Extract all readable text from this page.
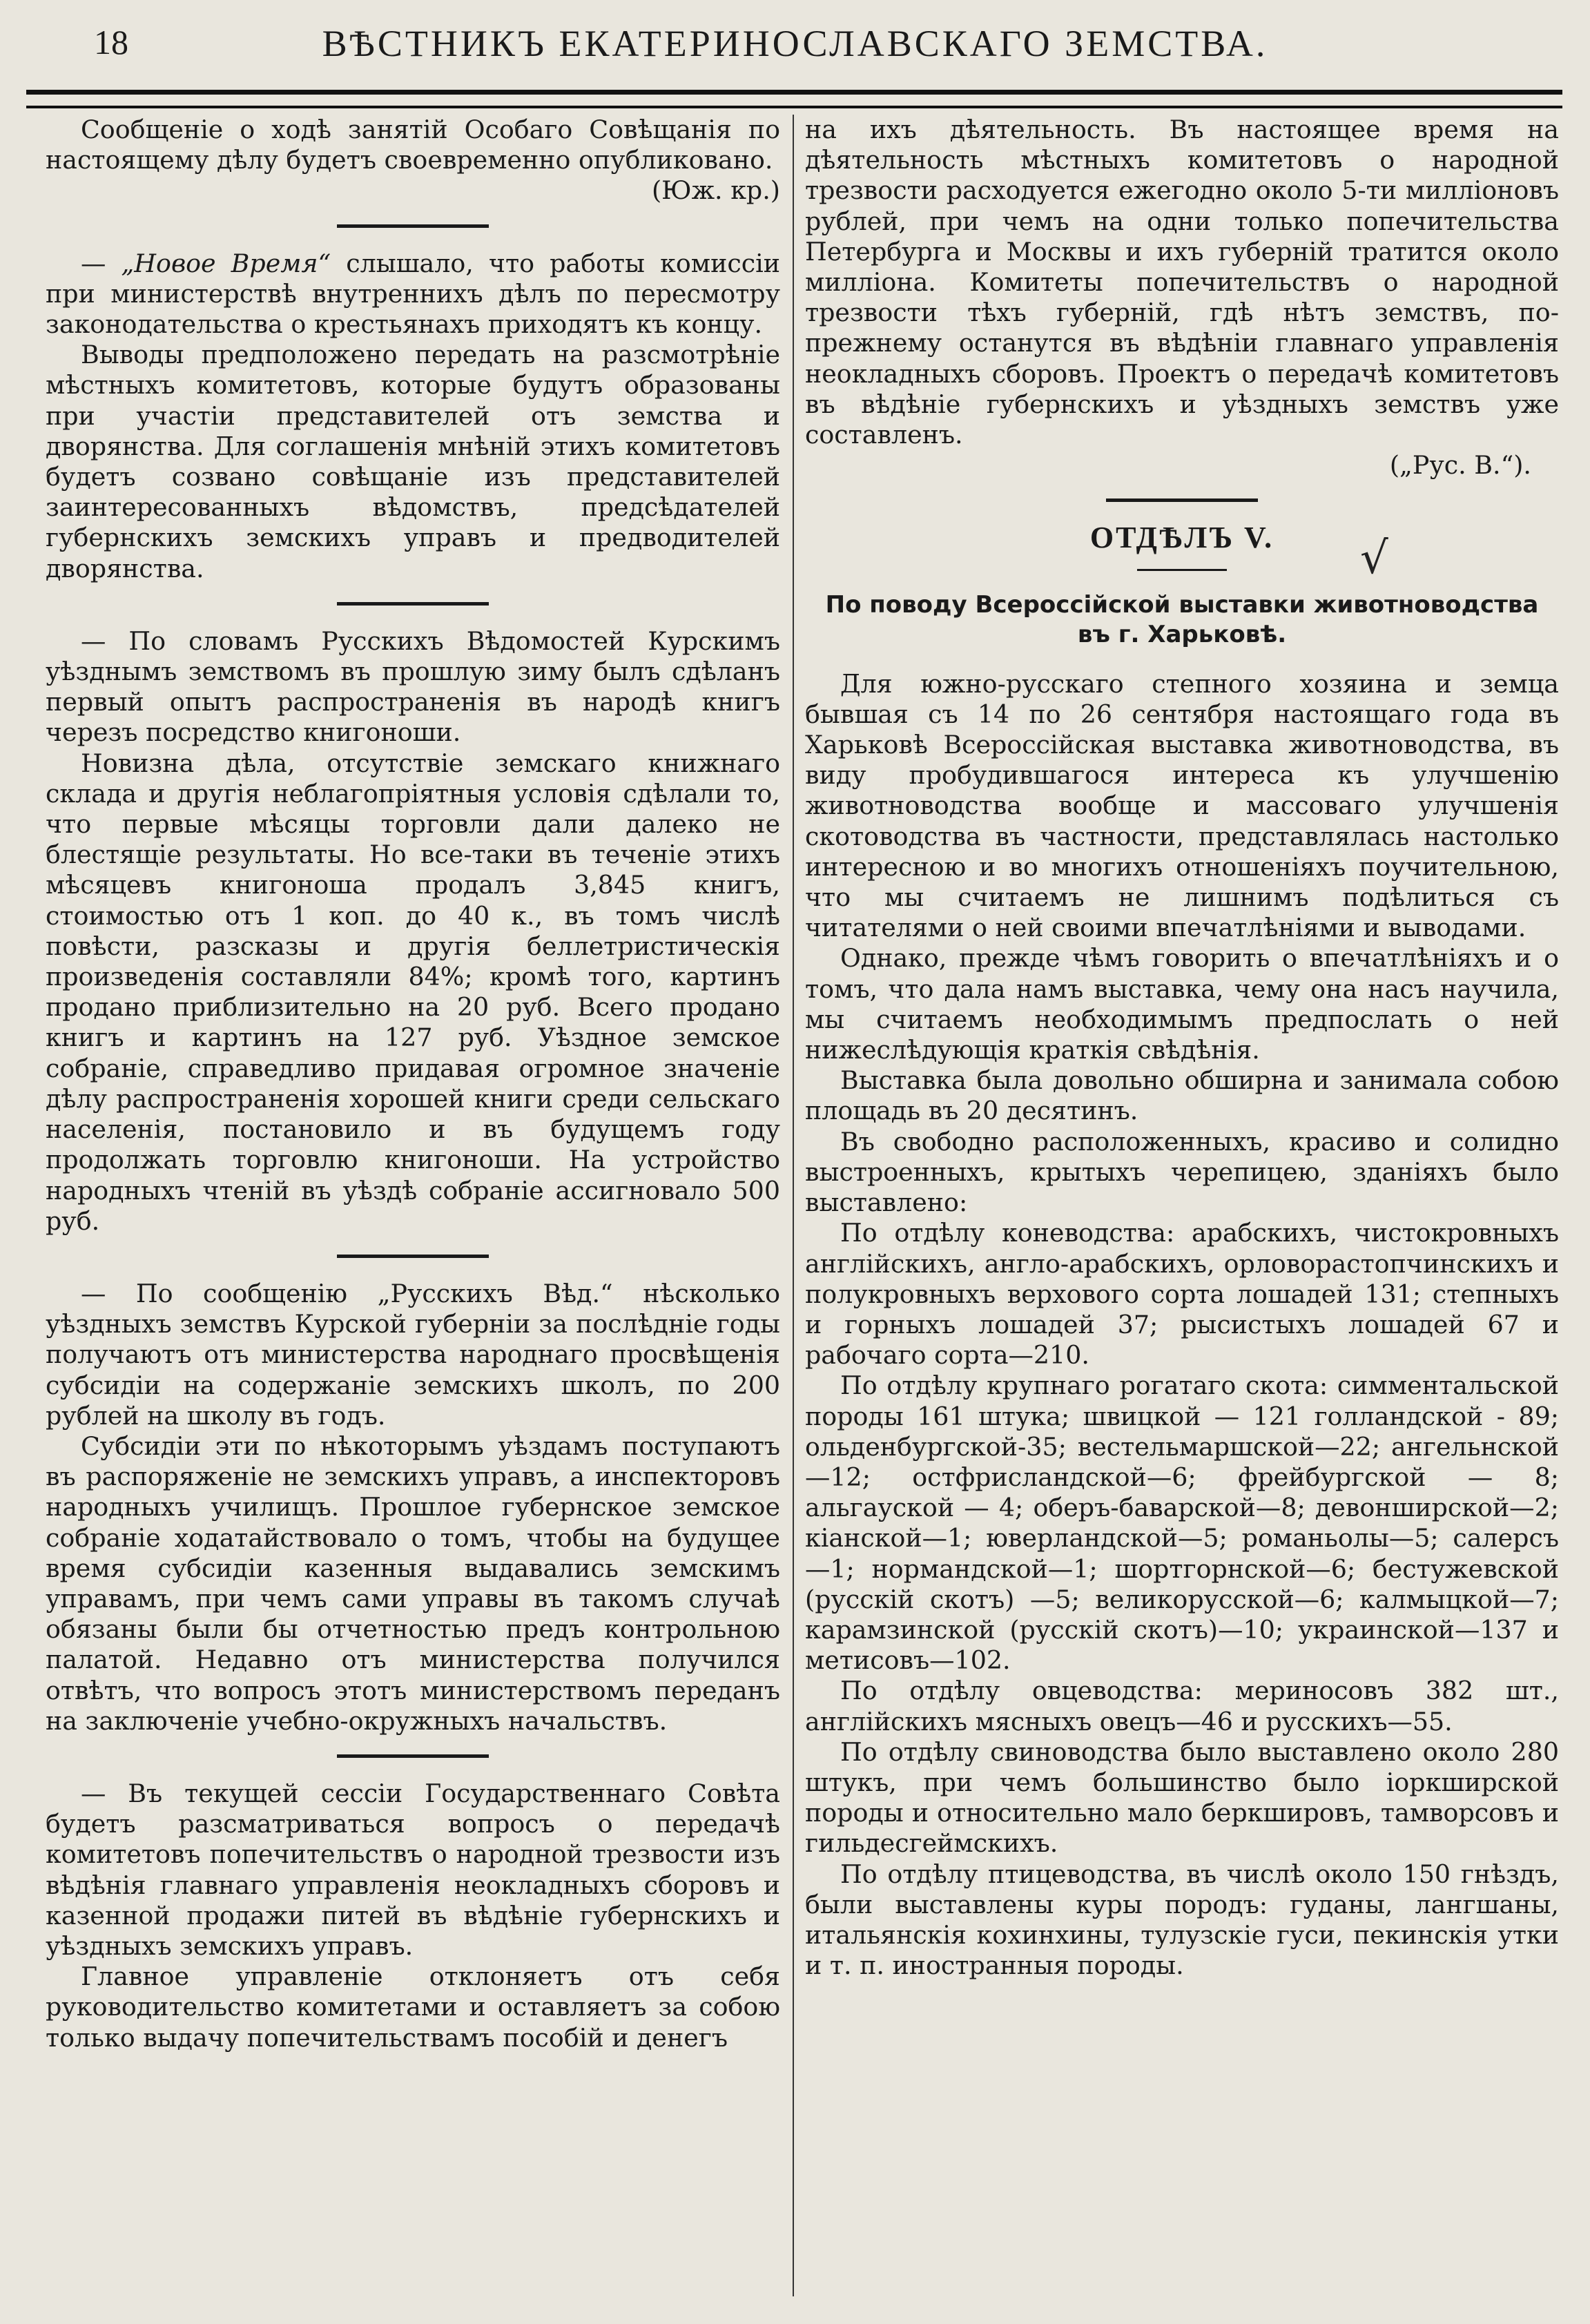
18	ВѢСТНИКЪ ЕКАТЕРИНОСЛАВСКАГО ЗЕМСТВА.

Сообщеніе о ходѣ занятій Особаго Совѣщанія по настоящему дѣлу будетъ своевременно опубликовано.
(Юж. кр.)

— „Новое Время“ слышало, что работы комиссіи при министерствѣ внутреннихъ дѣлъ по пересмотру законодательства о крестьянахъ приходятъ къ концу.

Выводы предположено передать на разсмотрѣніе мѣстныхъ комитетовъ, которые будутъ образованы при участіи представителей отъ земства и дворянства. Для соглашенія мнѣній этихъ комитетовъ будетъ созвано совѣщаніе изъ представителей заинтересованныхъ вѣдомствъ, предсѣдателей губернскихъ земскихъ управъ и предводителей дворянства.

— По словамъ Русскихъ Вѣдомостей Курскимъ уѣзднымъ земствомъ въ прошлую зиму былъ сдѣланъ первый опытъ распространенія въ народѣ книгъ черезъ посредство книгоноши.

Новизна дѣла, отсутствіе земскаго книжнаго склада и другія неблагопріятныя условія сдѣлали то, что первые мѣсяцы торговли дали далеко не блестящіе результаты. Но все-таки въ теченіе этихъ мѣсяцевъ книгоноша продалъ 3,845 книгъ, стоимостью отъ 1 коп. до 40 к., въ томъ числѣ повѣсти, разсказы и другія беллетристическія произведенія составляли 84%; кромѣ того, картинъ продано приблизительно на 20 руб. Всего продано книгъ и картинъ на 127 руб. Уѣздное земское собраніе, справедливо придавая огромное значеніе дѣлу распространенія хорошей книги среди сельскаго населенія, постановило и въ будущемъ году продолжать торговлю книгоноши. На устройство народныхъ чтеній въ уѣздѣ собраніе ассигновало 500 руб.

— По сообщенію „Русскихъ Вѣд.“ нѣсколько уѣздныхъ земствъ Курской губерніи за послѣдніе годы получаютъ отъ министерства народнаго просвѣщенія субсидіи на содержаніе земскихъ школъ, по 200 рублей на школу въ годъ.

Субсидіи эти по нѣкоторымъ уѣздамъ поступаютъ въ распоряженіе не земскихъ управъ, а инспекторовъ народныхъ училищъ. Прошлое губернское земское собраніе ходатайствовало о томъ, чтобы на будущее время субсидіи казенныя выдавались земскимъ управамъ, при чемъ сами управы въ такомъ случаѣ обязаны были бы отчетностью предъ контрольною палатой. Недавно отъ министерства получился отвѣтъ, что вопросъ этотъ министерствомъ переданъ на заключеніе учебно-окружныхъ начальствъ.

— Въ текущей сессіи Государственнаго Совѣта будетъ разсматриваться вопросъ о передачѣ комитетовъ попечительствъ о народной трезвости изъ вѣдѣнія главнаго управленія неокладныхъ сборовъ и казенной продажи питей въ вѣдѣніе губернскихъ и уѣздныхъ земскихъ управъ.

Главное управленіе отклоняетъ отъ себя руководительство комитетами и оставляетъ за собою только выдачу попечительствамъ пособій и денегъ

на ихъ дѣятельность. Въ настоящее время на дѣятельность мѣстныхъ комитетовъ о народной трезвости расходуется ежегодно около 5-ти милліоновъ рублей, при чемъ на одни только попечительства Петербурга и Москвы и ихъ губерній тратится около милліона. Комитеты попечительствъ о народной трезвости тѣхъ губерній, гдѣ нѣтъ земствъ, по-прежнему останутся въ вѣдѣніи главнаго управленія неокладныхъ сборовъ. Проектъ о передачѣ комитетовъ въ вѣдѣніе губернскихъ и уѣздныхъ земствъ уже составленъ.

(„Рус. В.“).
ОТДѢЛЪ V.
По поводу Всероссійской выставки животноводства въ г. Харьковѣ.

Для южно-русскаго степного хозяина и земца бывшая съ 14 по 26 сентября настоящаго года въ Харьковѣ Всероссійская выставка животноводства, въ виду пробудившагося интереса къ улучшенію животноводства вообще и массоваго улучшенія скотоводства въ частности, представлялась настолько интересною и во многихъ отношеніяхъ поучительною, что мы считаемъ не лишнимъ подѣлиться съ читателями о ней своими впечатлѣніями и выводами.

Однако, прежде чѣмъ говорить о впечатлѣніяхъ и о томъ, что дала намъ выставка, чему она насъ научила, мы считаемъ необходимымъ предпослать о ней нижеслѣдующія краткія свѣдѣнія.

Выставка была довольно обширна и занимала собою площадь въ 20 десятинъ.

Въ свободно расположенныхъ, красиво и солидно выстроенныхъ, крытыхъ черепицею, зданіяхъ было выставлено:

По отдѣлу коневодства: арабскихъ, чистокровныхъ англійскихъ, англо-арабскихъ, орловорастопчинскихъ и полукровныхъ верхового сорта лошадей 131; степныхъ и горныхъ лошадей 37; рысистыхъ лошадей 67 и рабочаго сорта—210.

По отдѣлу крупнаго рогатаго скота: симментальской породы 161 штука; швицкой — 121 голландской - 89; ольденбургской-35; вестельмаршской—22; ангельнской—12; остфрисландской—6; фрейбургской — 8; альгауской — 4; оберъ-баварской—8; девонширской—2; кіанской—1; юверландской—5; романьолы—5; салерсъ—1; нормандской—1; шортгорнской—6; бестужевской (русскій скотъ) —5; великорусской—6; калмыцкой—7; карамзинской (русскій скотъ)—10; украинской—137 и метисовъ—102.

По отдѣлу овцеводства: мериносовъ 382 шт., англійскихъ мясныхъ овецъ—46 и русскихъ—55.

По отдѣлу свиноводства было выставлено около 280 штукъ, при чемъ большинство было іоркширской породы и относительно мало беркшировъ, тамворсовъ и гильдесгеймскихъ.

По отдѣлу птицеводства, въ числѣ около 150 гнѣздъ, были выставлены куры породъ: гуданы, лангшаны, итальянскія кохинхины, тулузскіе гуси, пекинскія утки и т. п. иностранныя породы.

√
